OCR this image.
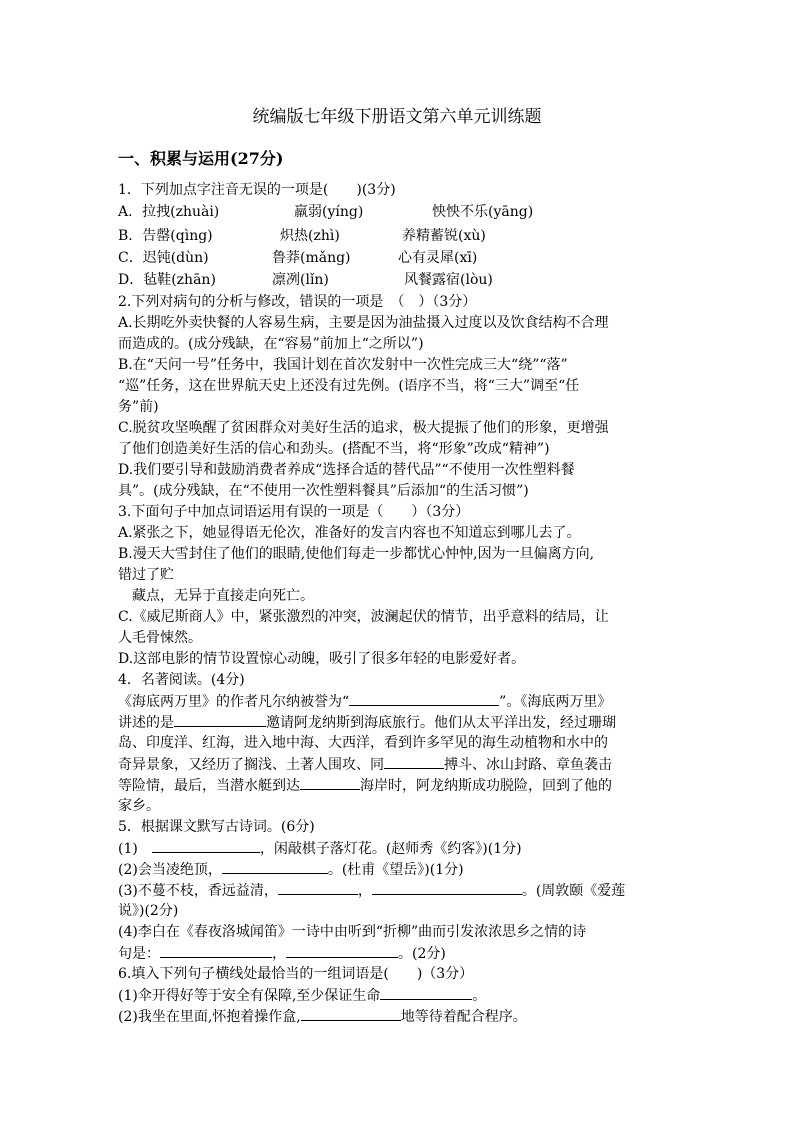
统编版七年级下册语文第六单元训练题
一、积累与运用(27分)
1．下列加点字注音无误的一项是(　　)(3分)
A．拉拽(zhuài)	羸弱(yíng)	怏怏不乐(yāng)
B．告罄(qìng)	炽热(zhì)	养精蓄锐(xù)
C．迟钝(dùn)	鲁莽(mǎng)	心有灵犀(xī)
D．毡鞋(zhān)	凛冽(lǐn)	风餐露宿(lòu)
2.下列对病句的分析与修改，错误的一项是　（　）（3分）
A.长期吃外卖快餐的人容易生病，主要是因为油盐摄入过度以及饮食结构不合理
而造成的。(成分残缺，在“容易”前加上“之所以”)
B.在“天问一号”任务中，我国计划在首次发射中一次性完成三大“绕”“落”
“巡”任务，这在世界航天史上还没有过先例。(语序不当，将“三大”调至“任
务”前)
C.脱贫攻坚唤醒了贫困群众对美好生活的追求，极大提振了他们的形象，更增强
了他们创造美好生活的信心和劲头。(搭配不当，将“形象”改成“精神”)
D.我们要引导和鼓励消费者养成“选择合适的替代品”“不使用一次性塑料餐
具”。(成分残缺，在“不使用一次性塑料餐具”后添加“的生活习惯”)
3.下面句子中加点词语运用有误的一项是（　　）（3分）
A.紧张之下，她显得语无伦次，准备好的发言内容也不知道忘到哪儿去了。
B.漫天大雪封住了他们的眼睛,使他们每走一步都忧心忡忡,因为一旦偏离方向,
错过了贮
藏点，无异于直接走向死亡。
C.《威尼斯商人》中，紧张激烈的冲突，波澜起伏的情节，出乎意料的结局，让
人毛骨悚然。
D.这部电影的情节设置惊心动魄，吸引了很多年轻的电影爱好者。
4．名著阅读。(4分)
《海底两万里》的作者凡尔纳被誉为“	”。《海底两万里》
讲述的是	邀请阿龙纳斯到海底旅行。他们从太平洋出发，经过珊瑚
岛、印度洋、红海，进入地中海、大西洋，看到许多罕见的海生动植物和水中的
奇异景象，又经历了搁浅、土著人围攻、同	搏斗、冰山封路、章鱼袭击
等险情，最后，当潜水艇到达	海岸时，阿龙纳斯成功脱险，回到了他的
家乡。
5．根据课文默写古诗词。(6分)
(1)　	，闲敲棋子落灯花。(赵师秀《约客》)(1分)
(2)会当凌绝顶，	。(杜甫《望岳》)(1分)
(3)不蔓不枝，香远益清，	，	。(周敦颐《爱莲
说》)(2分)
(4)李白在《春夜洛城闻笛》一诗中由听到“折柳”曲而引发浓浓思乡之情的诗
句是：	，	。(2分)
6.填入下列句子横线处最恰当的一组词语是(　　)（3分）
(1)伞开得好等于安全有保障,至少保证生命	。
(2)我坐在里面,怀抱着操作盒,	地等待着配合程序。
